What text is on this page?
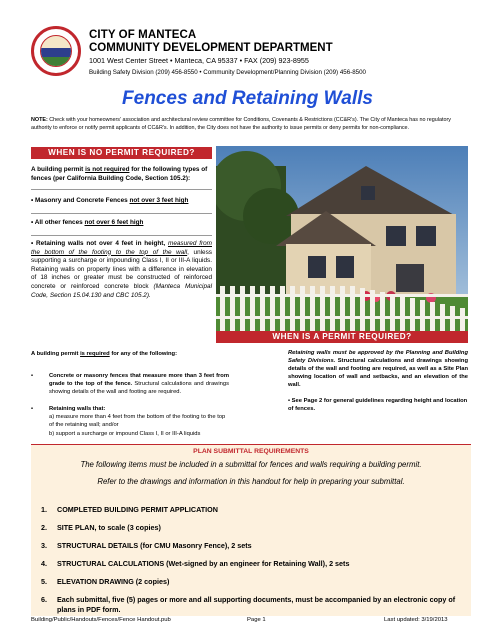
CITY OF MANTECA
COMMUNITY DEVELOPMENT DEPARTMENT
1001 West Center Street • Manteca, CA 95337 • FAX (209) 923-8955
Building Safety Division (209) 456-8550 • Community Development/Planning Division (209) 456-8500
Fences and Retaining Walls
NOTE: Check with your homeowners’ association and architectural review committee for Conditions, Covenants & Restrictions (CC&R’s). The City of Manteca has no regulatory authority to enforce or notify permit applicants of CC&R’s. In addition, the City does not have the authority to issue permits or deny permits for non-compliance.
WHEN IS NO PERMIT REQUIRED?
A building permit is not required for the following types of fences (per California Building Code, Section 105.2):
• Masonry and Concrete Fences not over 3 feet high
• All other fences not over 6 feet high
• Retaining walls not over 4 feet in height, measured from the bottom of the footing to the top of the wall, unless supporting a surcharge or impounding Class I, II or III-A liquids. Retaining walls on property lines with a difference in elevation of 18 inches or greater must be constructed of reinforced concrete or reinforced concrete block (Manteca Municipal Code, Section 15.04.130 and CBC 105.2).
WHEN IS A PERMIT REQUIRED?
A building permit is required for any of the following:
•	Concrete or masonry fences that measure more than 3 feet from grade to the top of the fence. Structural calculations and drawings showing details of the wall and footing are required.
•	Retaining walls that:
a) measure more than 4 feet from the bottom of the footing to the top of the retaining wall; and/or
b) support a surcharge or impound Class I, II or III-A liquids
Retaining walls must be approved by the Planning and Building Safety Divisions. Structural calculations and drawings showing details of the wall and footing are required, as well as a Site Plan showing location of wall and setbacks, and an elevation of the wall.
• See Page 2 for general guidelines regarding height and location of fences.
PLAN SUBMITTAL REQUIREMENTS
The following items must be included in a submittal for fences and walls requiring a building permit.
Refer to the drawings and information in this handout for help in preparing your submittal.
1. COMPLETED BUILDING PERMIT APPLICATION
2. SITE PLAN, to scale (3 copies)
3. STRUCTURAL DETAILS (for CMU Masonry Fence), 2 sets
4. STRUCTURAL CALCULATIONS (Wet-signed by an engineer for Retaining Wall), 2 sets
5. ELEVATION DRAWING (2 copies)
6. Each submittal, five (5) pages or more and all supporting documents, must be accompanied by an electronic copy of plans in PDF form.
Building/Public/Handouts/Fences/Fence Handout.pub	Page 1	Last updated: 3/19/2013
